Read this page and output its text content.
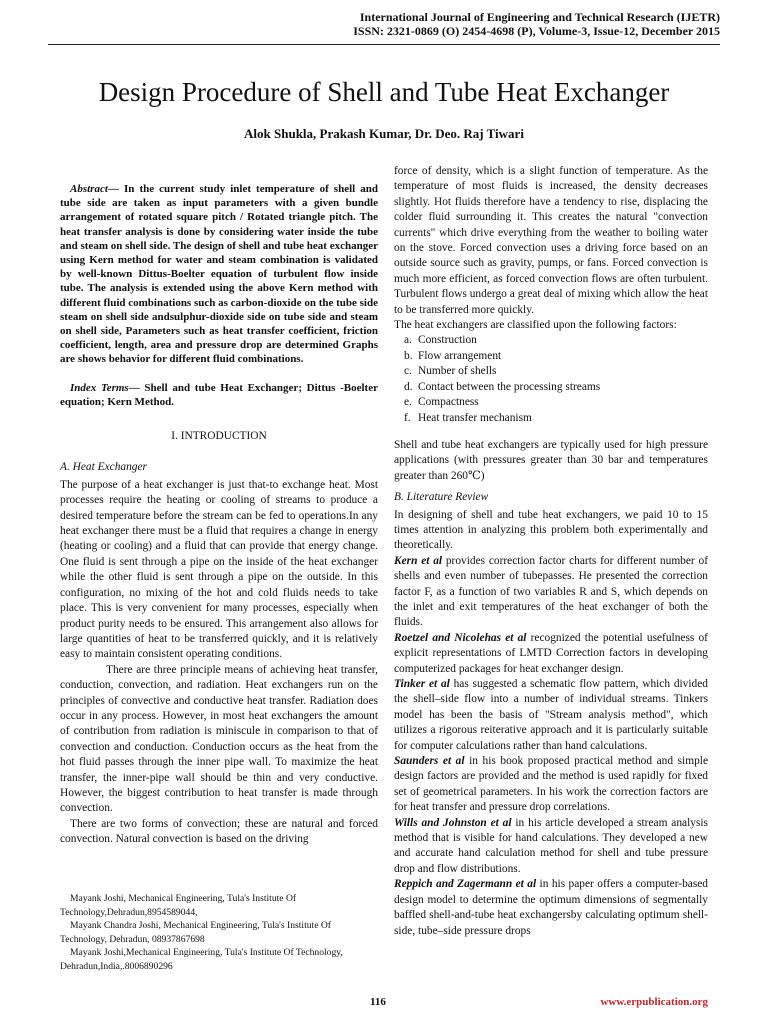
International Journal of Engineering and Technical Research (IJETR)
ISSN: 2321-0869 (O) 2454-4698 (P), Volume-3, Issue-12, December 2015
Design Procedure of Shell and Tube Heat Exchanger
Alok Shukla, Prakash Kumar, Dr. Deo. Raj Tiwari

Abstract— In the current study inlet temperature of shell and tube side are taken as input parameters with a given bundle arrangement of rotated square pitch / Rotated triangle pitch. The heat transfer analysis is done by considering water inside the tube and steam on shell side. The design of shell and tube heat exchanger using Kern method for water and steam combination is validated by well-known Dittus-Boelter equation of turbulent flow inside tube. The analysis is extended using the above Kern method with different fluid combinations such as carbon-dioxide on the tube side steam on shell side andsulphur-dioxide side on tube side and steam on shell side, Parameters such as heat transfer coefficient, friction coefficient, length, area and pressure drop are determined Graphs are shows behavior for different fluid combinations.

Index Terms— Shell and tube Heat Exchanger; Dittus -Boelter equation; Kern Method.

I. INTRODUCTION
A. Heat Exchanger

The purpose of a heat exchanger is just that-to exchange heat. Most processes require the heating or cooling of streams to produce a desired temperature before the stream can be fed to operations.In any heat exchanger there must be a fluid that requires a change in energy (heating or cooling) and a fluid that can provide that energy change. One fluid is sent through a pipe on the inside of the heat exchanger while the other fluid is sent through a pipe on the outside. In this configuration, no mixing of the hot and cold fluids needs to take place. This is very convenient for many processes, especially when product purity needs to be ensured. This arrangement also allows for large quantities of heat to be transferred quickly, and it is relatively easy to maintain consistent operating conditions.

There are three principle means of achieving heat transfer, conduction, convection, and radiation. Heat exchangers run on the principles of convective and conductive heat transfer. Radiation does occur in any process. However, in most heat exchangers the amount of contribution from radiation is miniscule in comparison to that of convection and conduction. Conduction occurs as the heat from the hot fluid passes through the inner pipe wall. To maximize the heat transfer, the inner-pipe wall should be thin and very conductive. However, the biggest contribution to heat transfer is made through convection.

There are two forms of convection; these are natural and forced convection. Natural convection is based on the driving

Mayank Joshi, Mechanical Engineering, Tula's Institute Of Technology,Dehradun,8954589044,

Mayank Chandra Joshi, Mechanical Engineering, Tula's Institute Of Technology, Dehradun, 08937867698

Mayank Joshi,Mechanical Engineering, Tula's Institute Of Technology, Dehradun,India,.8006890296

force of density, which is a slight function of temperature. As the temperature of most fluids is increased, the density decreases slightly. Hot fluids therefore have a tendency to rise, displacing the colder fluid surrounding it. This creates the natural "convection currents" which drive everything from the weather to boiling water on the stove. Forced convection uses a driving force based on an outside source such as gravity, pumps, or fans. Forced convection is much more efficient, as forced convection flows are often turbulent. Turbulent flows undergo a great deal of mixing which allow the heat to be transferred more quickly.

The heat exchangers are classified upon the following factors:

a. Construction
b. Flow arrangement
c. Number of shells
d. Contact between the processing streams
e. Compactness
f. Heat transfer mechanism

Shell and tube heat exchangers are typically used for high pressure applications (with pressures greater than 30 bar and temperatures greater than 260℃)

B. Literature Review

In designing of shell and tube heat exchangers, we paid 10 to 15 times attention in analyzing this problem both experimentally and theoretically.

Kern et al provides correction factor charts for different number of shells and even number of tubepasses. He presented the correction factor F, as a function of two variables R and S, which depends on the inlet and exit temperatures of the heat exchanger of both the fluids.

Roetzel and Nicolehas et al recognized the potential usefulness of explicit representations of LMTD Correction factors in developing computerized packages for heat exchanger design.

Tinker et al has suggested a schematic flow pattern, which divided the shell–side flow into a number of individual streams. Tinkers model has been the basis of "Stream analysis method", which utilizes a rigorous reiterative approach and it is particularly suitable for computer calculations rather than hand calculations.

Saunders et al in his book proposed practical method and simple design factors are provided and the method is used rapidly for fixed set of geometrical parameters. In his work the correction factors are for heat transfer and pressure drop correlations.

Wills and Johnston et al in his article developed a stream analysis method that is visible for hand calculations. They developed a new and accurate hand calculation method for shell and tube pressure drop and flow distributions.

Reppich and Zagermann et al in his paper offers a computer-based design model to determine the optimum dimensions of segmentally baffled shell-and-tube heat exchangersby calculating optimum shell-side, tube–side pressure drops

116	www.erpublication.org
